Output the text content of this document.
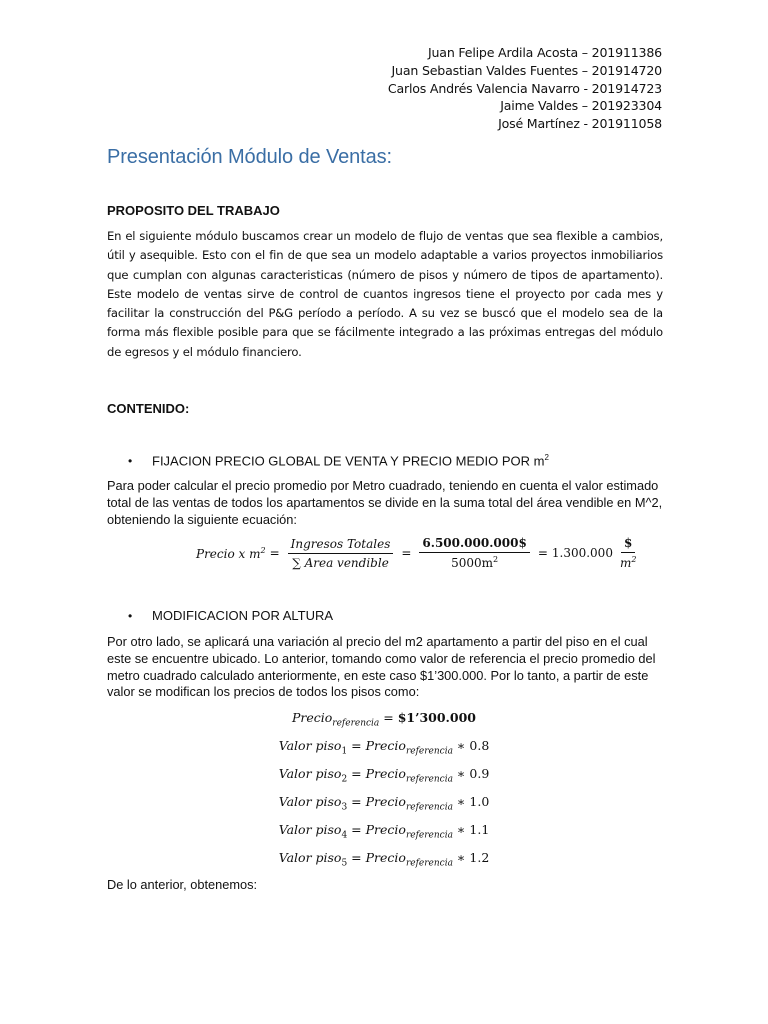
Juan Felipe Ardila Acosta – 201911386
Juan Sebastian Valdes Fuentes – 201914720
Carlos Andrés Valencia Navarro - 201914723
Jaime Valdes – 201923304
José Martínez - 201911058
Presentación Módulo de Ventas:
PROPOSITO DEL TRABAJO
En el siguiente módulo buscamos crear un modelo de flujo de ventas que sea flexible a cambios, útil y asequible. Esto con el fin de que sea un modelo adaptable a varios proyectos inmobiliarios que cumplan con algunas caracteristicas (número de pisos y número de tipos de apartamento). Este modelo de ventas sirve de control de cuantos ingresos tiene el proyecto por cada mes y facilitar la construcción del P&G período a período. A su vez se buscó que el modelo sea de la forma más flexible posible para que se fácilmente integrado a las próximas entregas del módulo de egresos y el módulo financiero.
CONTENIDO:
• FIJACION PRECIO GLOBAL DE VENTA Y PRECIO MEDIO POR $m^2$
Para poder calcular el precio promedio por Metro cuadrado, teniendo en cuenta el valor estimado total de las ventas de todos los apartamentos se divide en la suma total del área vendible en M^2, obteniendo la siguiente ecuación:
Precio x $m^2 = \frac{\text{Ingresos Totales}}{\text{∑ Area vendible}} = \frac{6.500.000.000\$}{5000m^2} = 1.300.000 \frac{\$}{m^2}$
• MODIFICACION POR ALTURA
Por otro lado, se aplicará una variación al precio del m2 apartamento a partir del piso en el cual este se encuentre ubicado. Lo anterior, tomando como valor de referencia el precio promedio del metro cuadrado calculado anteriormente, en este caso $1’300.000. Por lo tanto, a partir de este valor se modifican los precios de todos los pisos como:
Precio$_{referencia}$ = $1’300.000
Valor piso$_1$ = Precio$_{referencia}$ ∗ 0.8
Valor piso$_2$ = Precio$_{referencia}$ ∗ 0.9
Valor piso$_3$ = Precio$_{referencia}$ ∗ 1.0
Valor piso$_4$ = Precio$_{referencia}$ ∗ 1.1
Valor piso$_5$ = Precio$_{referencia}$ ∗ 1.2
De lo anterior, obtenemos:
